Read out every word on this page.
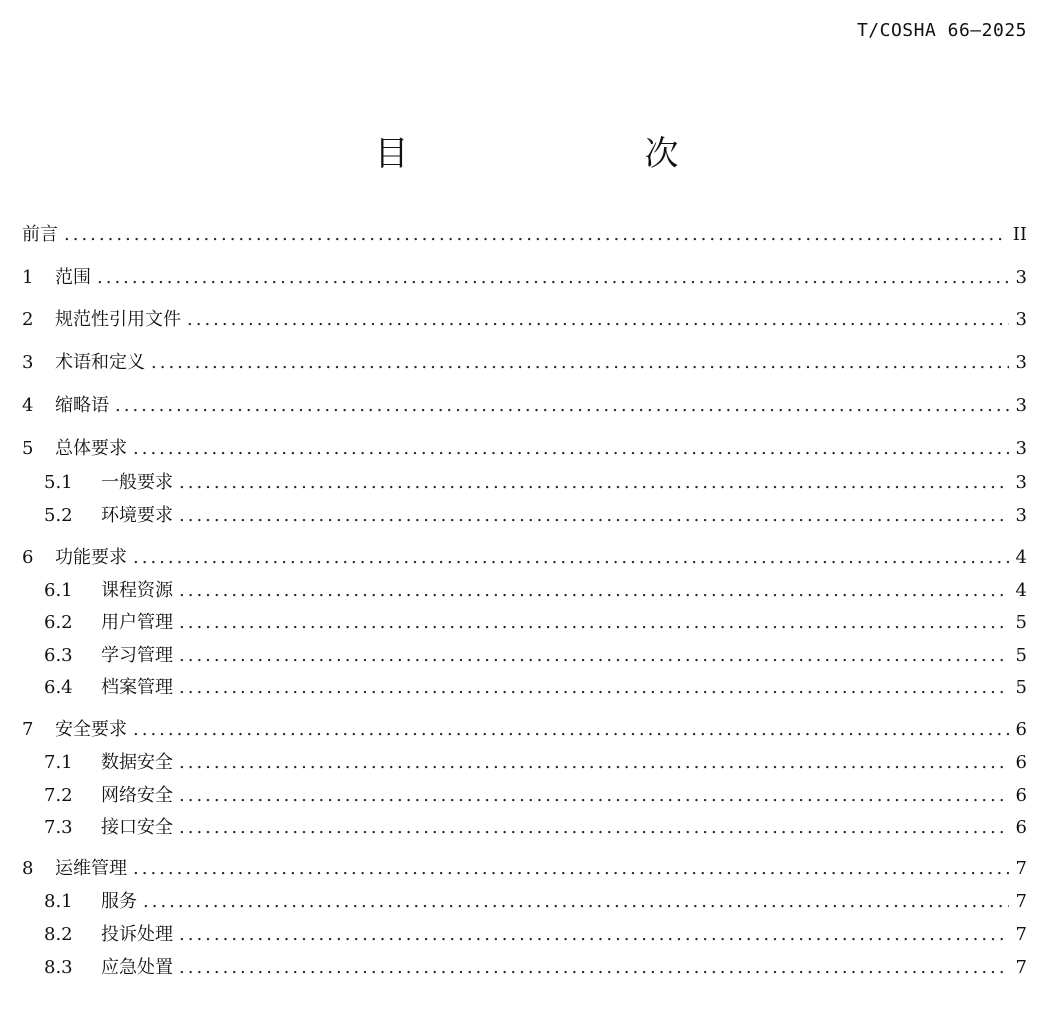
T/COSHA 66—2025
目　　次
前言 .....	II
1	范围 .....	3
2	规范性引用文件 .....	3
3	术语和定义 .....	3
4	缩略语 .....	3
5	总体要求 .....	3
5.1	一般要求 .....	3
5.2	环境要求 .....	3
6	功能要求 .....	4
6.1	课程资源 .....	4
6.2	用户管理 .....	5
6.3	学习管理 .....	5
6.4	档案管理 .....	5
7	安全要求 .....	6
7.1	数据安全 .....	6
7.2	网络安全 .....	6
7.3	接口安全 .....	6
8	运维管理 .....	7
8.1	服务 .....	7
8.2	投诉处理 .....	7
8.3	应急处置 .....	7
